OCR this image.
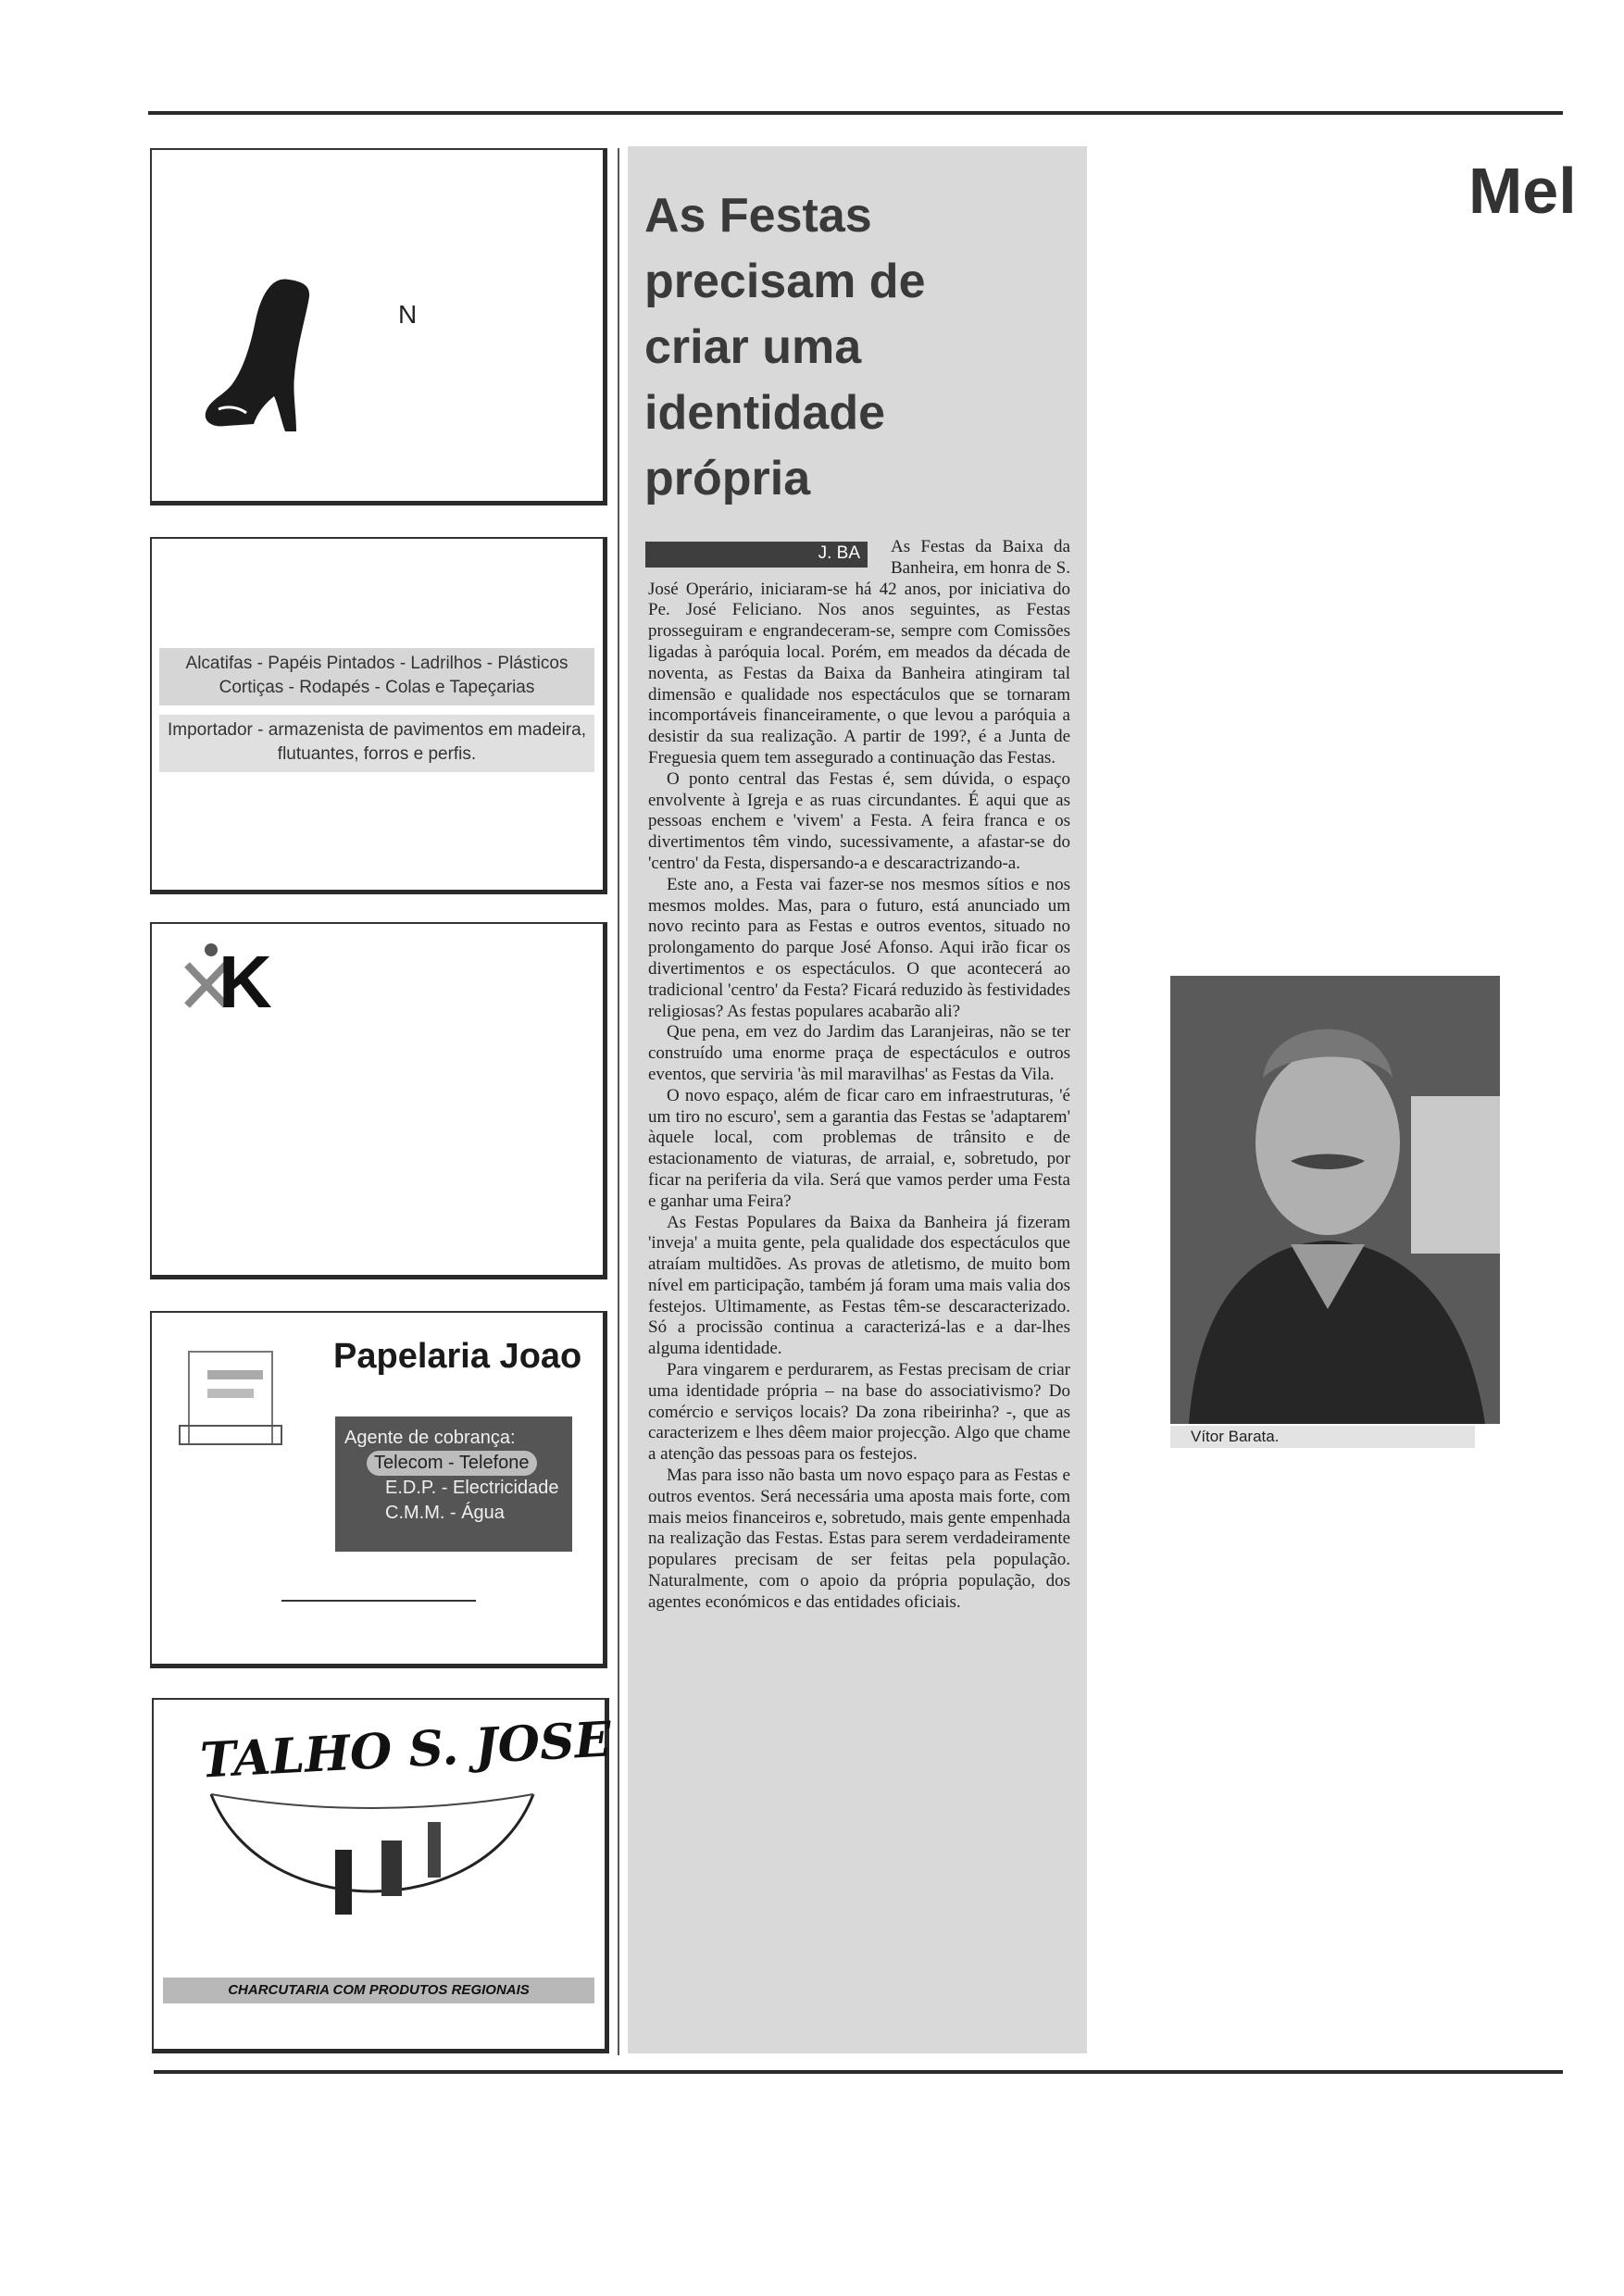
Mel
N
Alcatifas - Papéis Pintados - Ladrilhos - Plásticos
Cortiças - Rodapés - Colas e Tapeçarias
Importador - armazenista de pavimentos em madeira,
flutuantes, forros e perfis.
K
Papelaria Joao
Agente de cobrança:
Telecom - Telefone
E.D.P. - Electricidade
C.M.M. - Água
TALHO S. JOSE
CHARCUTARIA COM PRODUTOS REGIONAIS
As Festas
precisam de
criar uma
identidade
própria
J. BA	As Festas da Baixa da Banheira, em honra de S. José Operário, iniciaram-se há 42 anos, por iniciativa do Pe. José Feliciano. Nos anos seguintes, as Festas prosseguiram e engrandeceram-se, sempre com Comissões ligadas à paróquia local. Porém, em meados da década de noventa, as Festas da Baixa da Banheira atingiram tal dimensão e qualidade nos espectáculos que se tornaram incomportáveis financeiramente, o que levou a paróquia a desistir da sua realização. A partir de 199?, é a Junta de Freguesia quem tem assegurado a continuação das Festas.

O ponto central das Festas é, sem dúvida, o espaço envolvente à Igreja e as ruas circundantes. É aqui que as pessoas enchem e 'vivem' a Festa. A feira franca e os divertimentos têm vindo, sucessivamente, a afastar-se do 'centro' da Festa, dispersando-a e descaractrizando-a.

Este ano, a Festa vai fazer-se nos mesmos sítios e nos mesmos moldes. Mas, para o futuro, está anunciado um novo recinto para as Festas e outros eventos, situado no prolongamento do parque José Afonso. Aqui irão ficar os divertimentos e os espectáculos. O que acontecerá ao tradicional 'centro' da Festa? Ficará reduzido às festividades religiosas? As festas populares acabarão ali?

Que pena, em vez do Jardim das Laranjeiras, não se ter construído uma enorme praça de espectáculos e outros eventos, que serviria 'às mil maravilhas' as Festas da Vila.

O novo espaço, além de ficar caro em infraestruturas, 'é um tiro no escuro', sem a garantia das Festas se 'adaptarem' àquele local, com problemas de trânsito e de estacionamento de viaturas, de arraial, e, sobretudo, por ficar na periferia da vila. Será que vamos perder uma Festa e ganhar uma Feira?

As Festas Populares da Baixa da Banheira já fizeram 'inveja' a muita gente, pela qualidade dos espectáculos que atraíam multidões. As provas de atletismo, de muito bom nível em participação, também já foram uma mais valia dos festejos. Ultimamente, as Festas têm-se descaracterizado. Só a procissão continua a caracterizá-las e a dar-lhes alguma identidade.

Para vingarem e perdurarem, as Festas precisam de criar uma identidade própria – na base do associativismo? Do comércio e serviços locais? Da zona ribeirinha? -, que as caracterizem e lhes dêem maior projecção. Algo que chame a atenção das pessoas para os festejos.

Mas para isso não basta um novo espaço para as Festas e outros eventos. Será necessária uma aposta mais forte, com mais meios financeiros e, sobretudo, mais gente empenhada na realização das Festas. Estas para serem verdadeiramente populares precisam de ser feitas pela população. Naturalmente, com o apoio da própria população, dos agentes económicos e das entidades oficiais.

Vítor Barata.
